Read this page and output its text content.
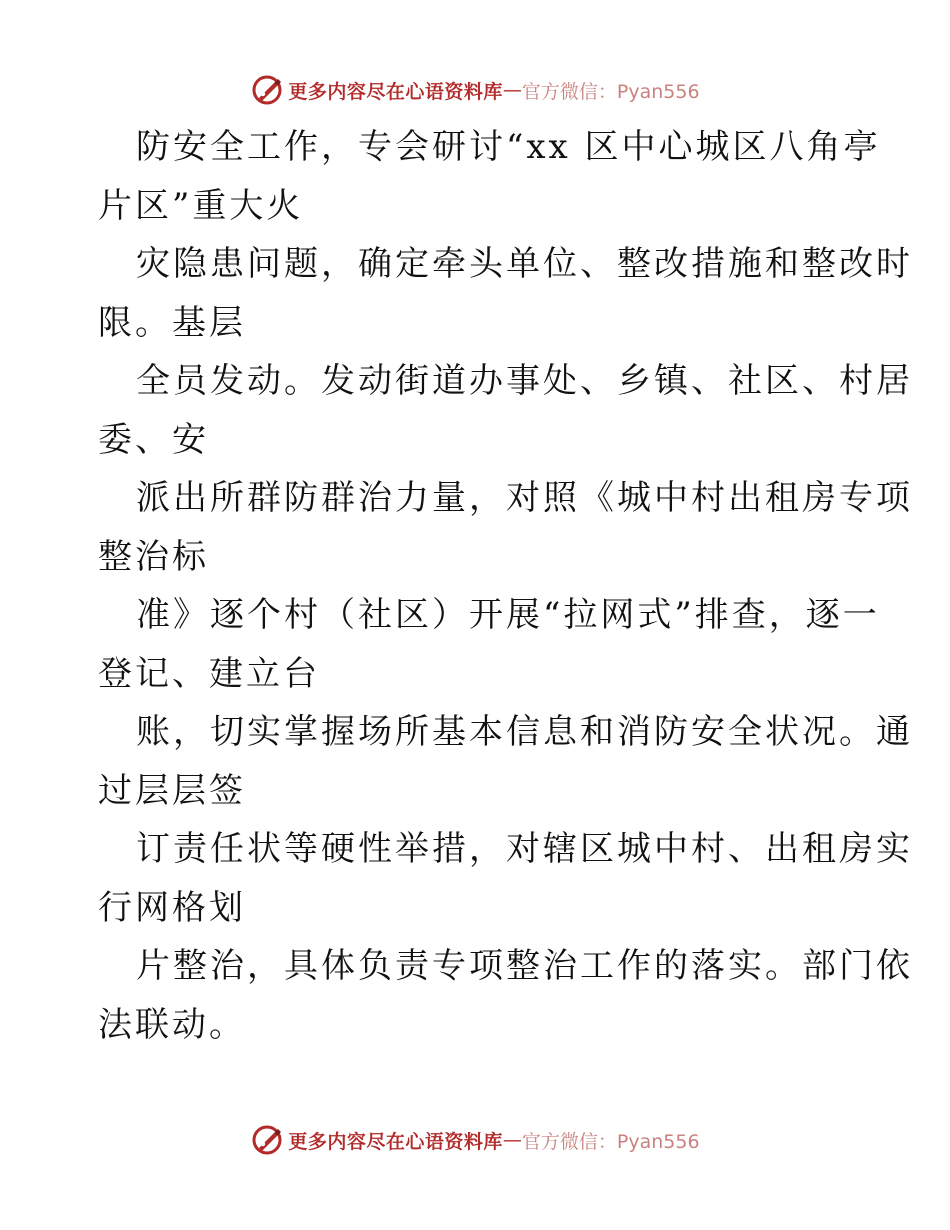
更多内容尽在心语资料库 — 官方微信：Pyan556
防安全工作，专会研讨“xx 区中心城区八角亭
片区”重大火
灾隐患问题，确定牵头单位、整改措施和整改时
限。基层
全员发动。发动街道办事处、乡镇、社区、村居
委、安
派出所群防群治力量，对照《城中村出租房专项
整治标
准》逐个村（社区）开展“拉网式”排查，逐一
登记、建立台
账，切实掌握场所基本信息和消防安全状况。通
过层层签
订责任状等硬性举措，对辖区城中村、出租房实
行网格划
片整治，具体负责专项整治工作的落实。部门依
法联动。
更多内容尽在心语资料库 — 官方微信：Pyan556
